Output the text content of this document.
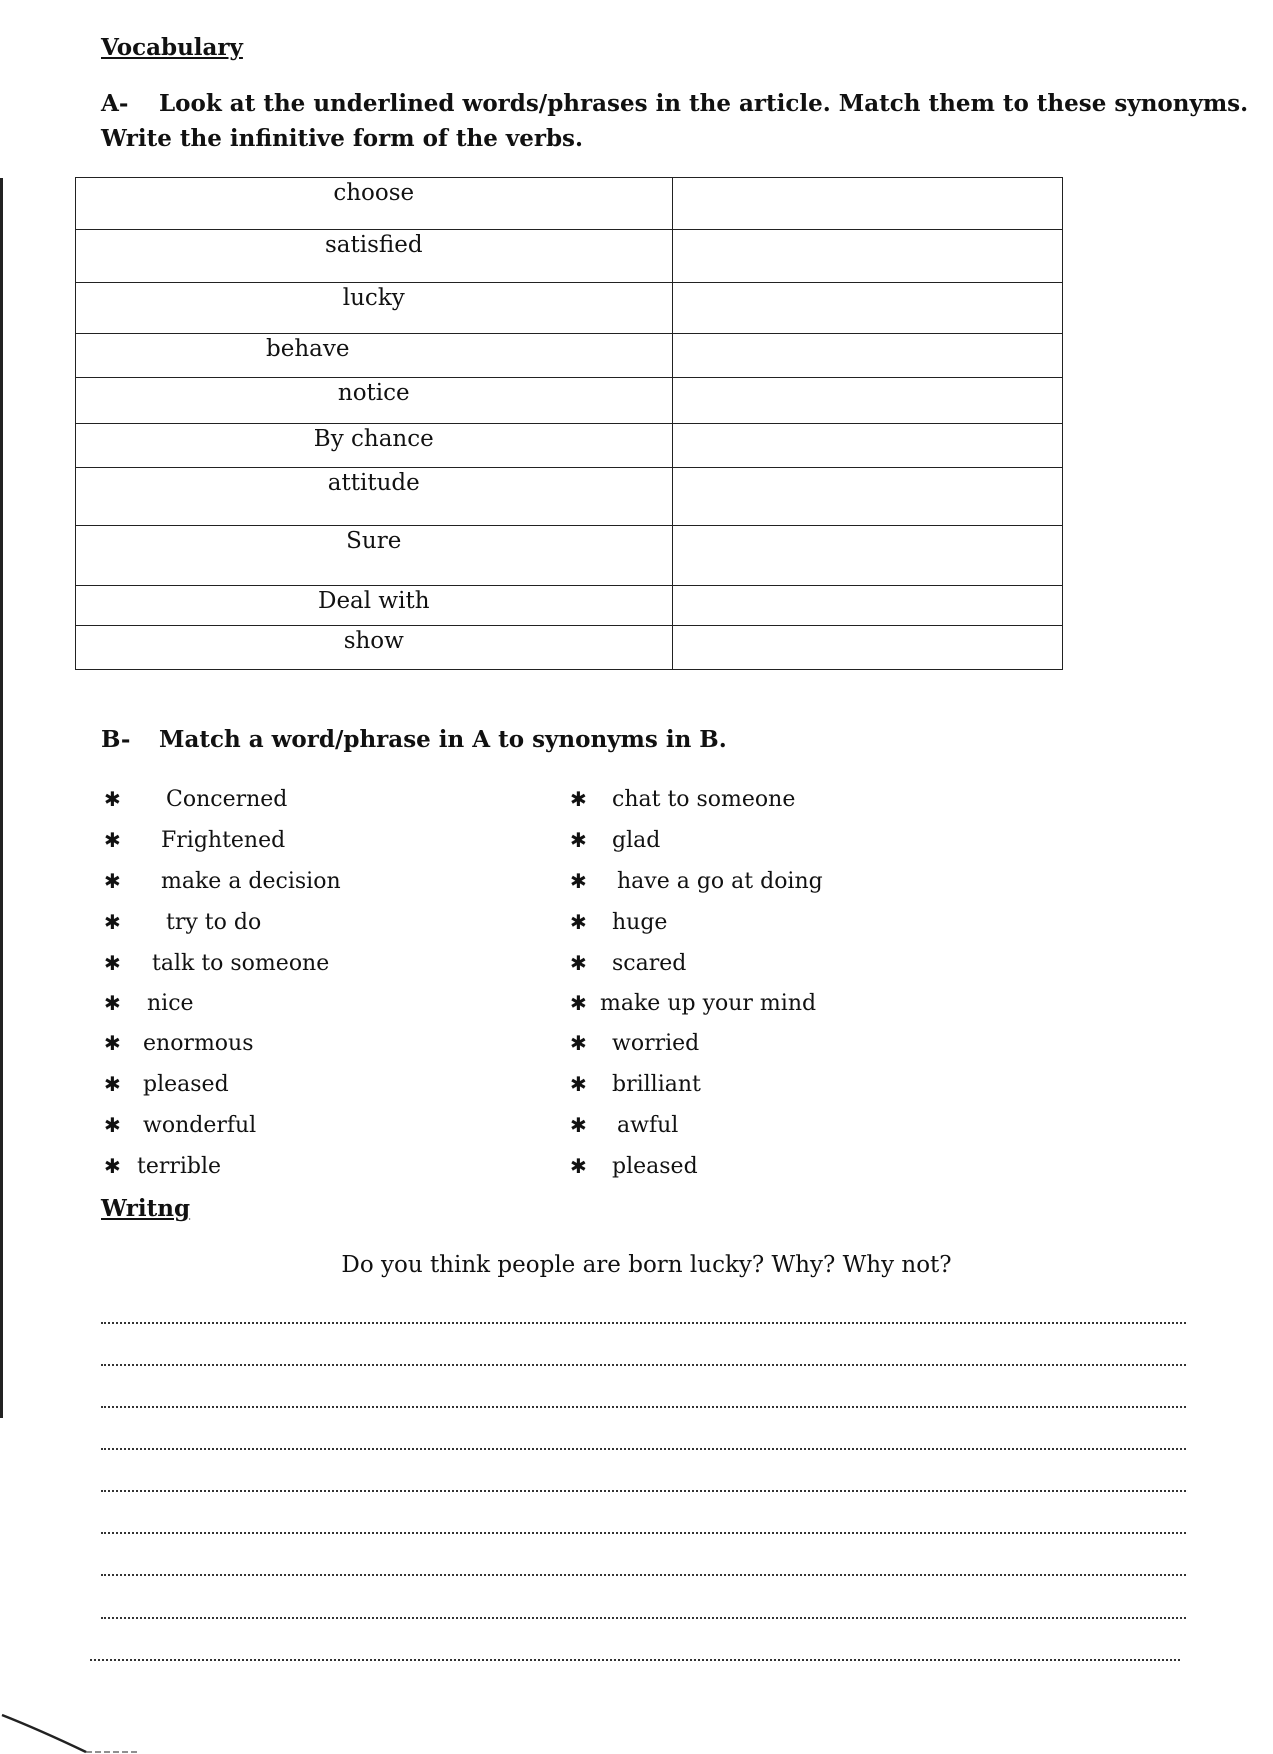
Vocabulary
A- Look at the underlined words/phrases in the article. Match them to these synonyms.
Write the infinitive form of the verbs.
choose	
satisfied	
lucky	
behave	
notice	
By chance	
attitude	
Sure	
Deal with	
show	
B- Match a word/phrase in A to synonyms in B.
✱ Concerned
✱ Frightened
✱ make a decision
✱ try to do
✱ talk to someone
✱ nice
✱ enormous
✱ pleased
✱ wonderful
✱ terrible
✱ chat to someone
✱ glad
✱ have a go at doing
✱ huge
✱ scared
✱ make up your mind
✱ worried
✱ brilliant
✱ awful
✱ pleased
Writng
Do you think people are born lucky? Why? Why not?
